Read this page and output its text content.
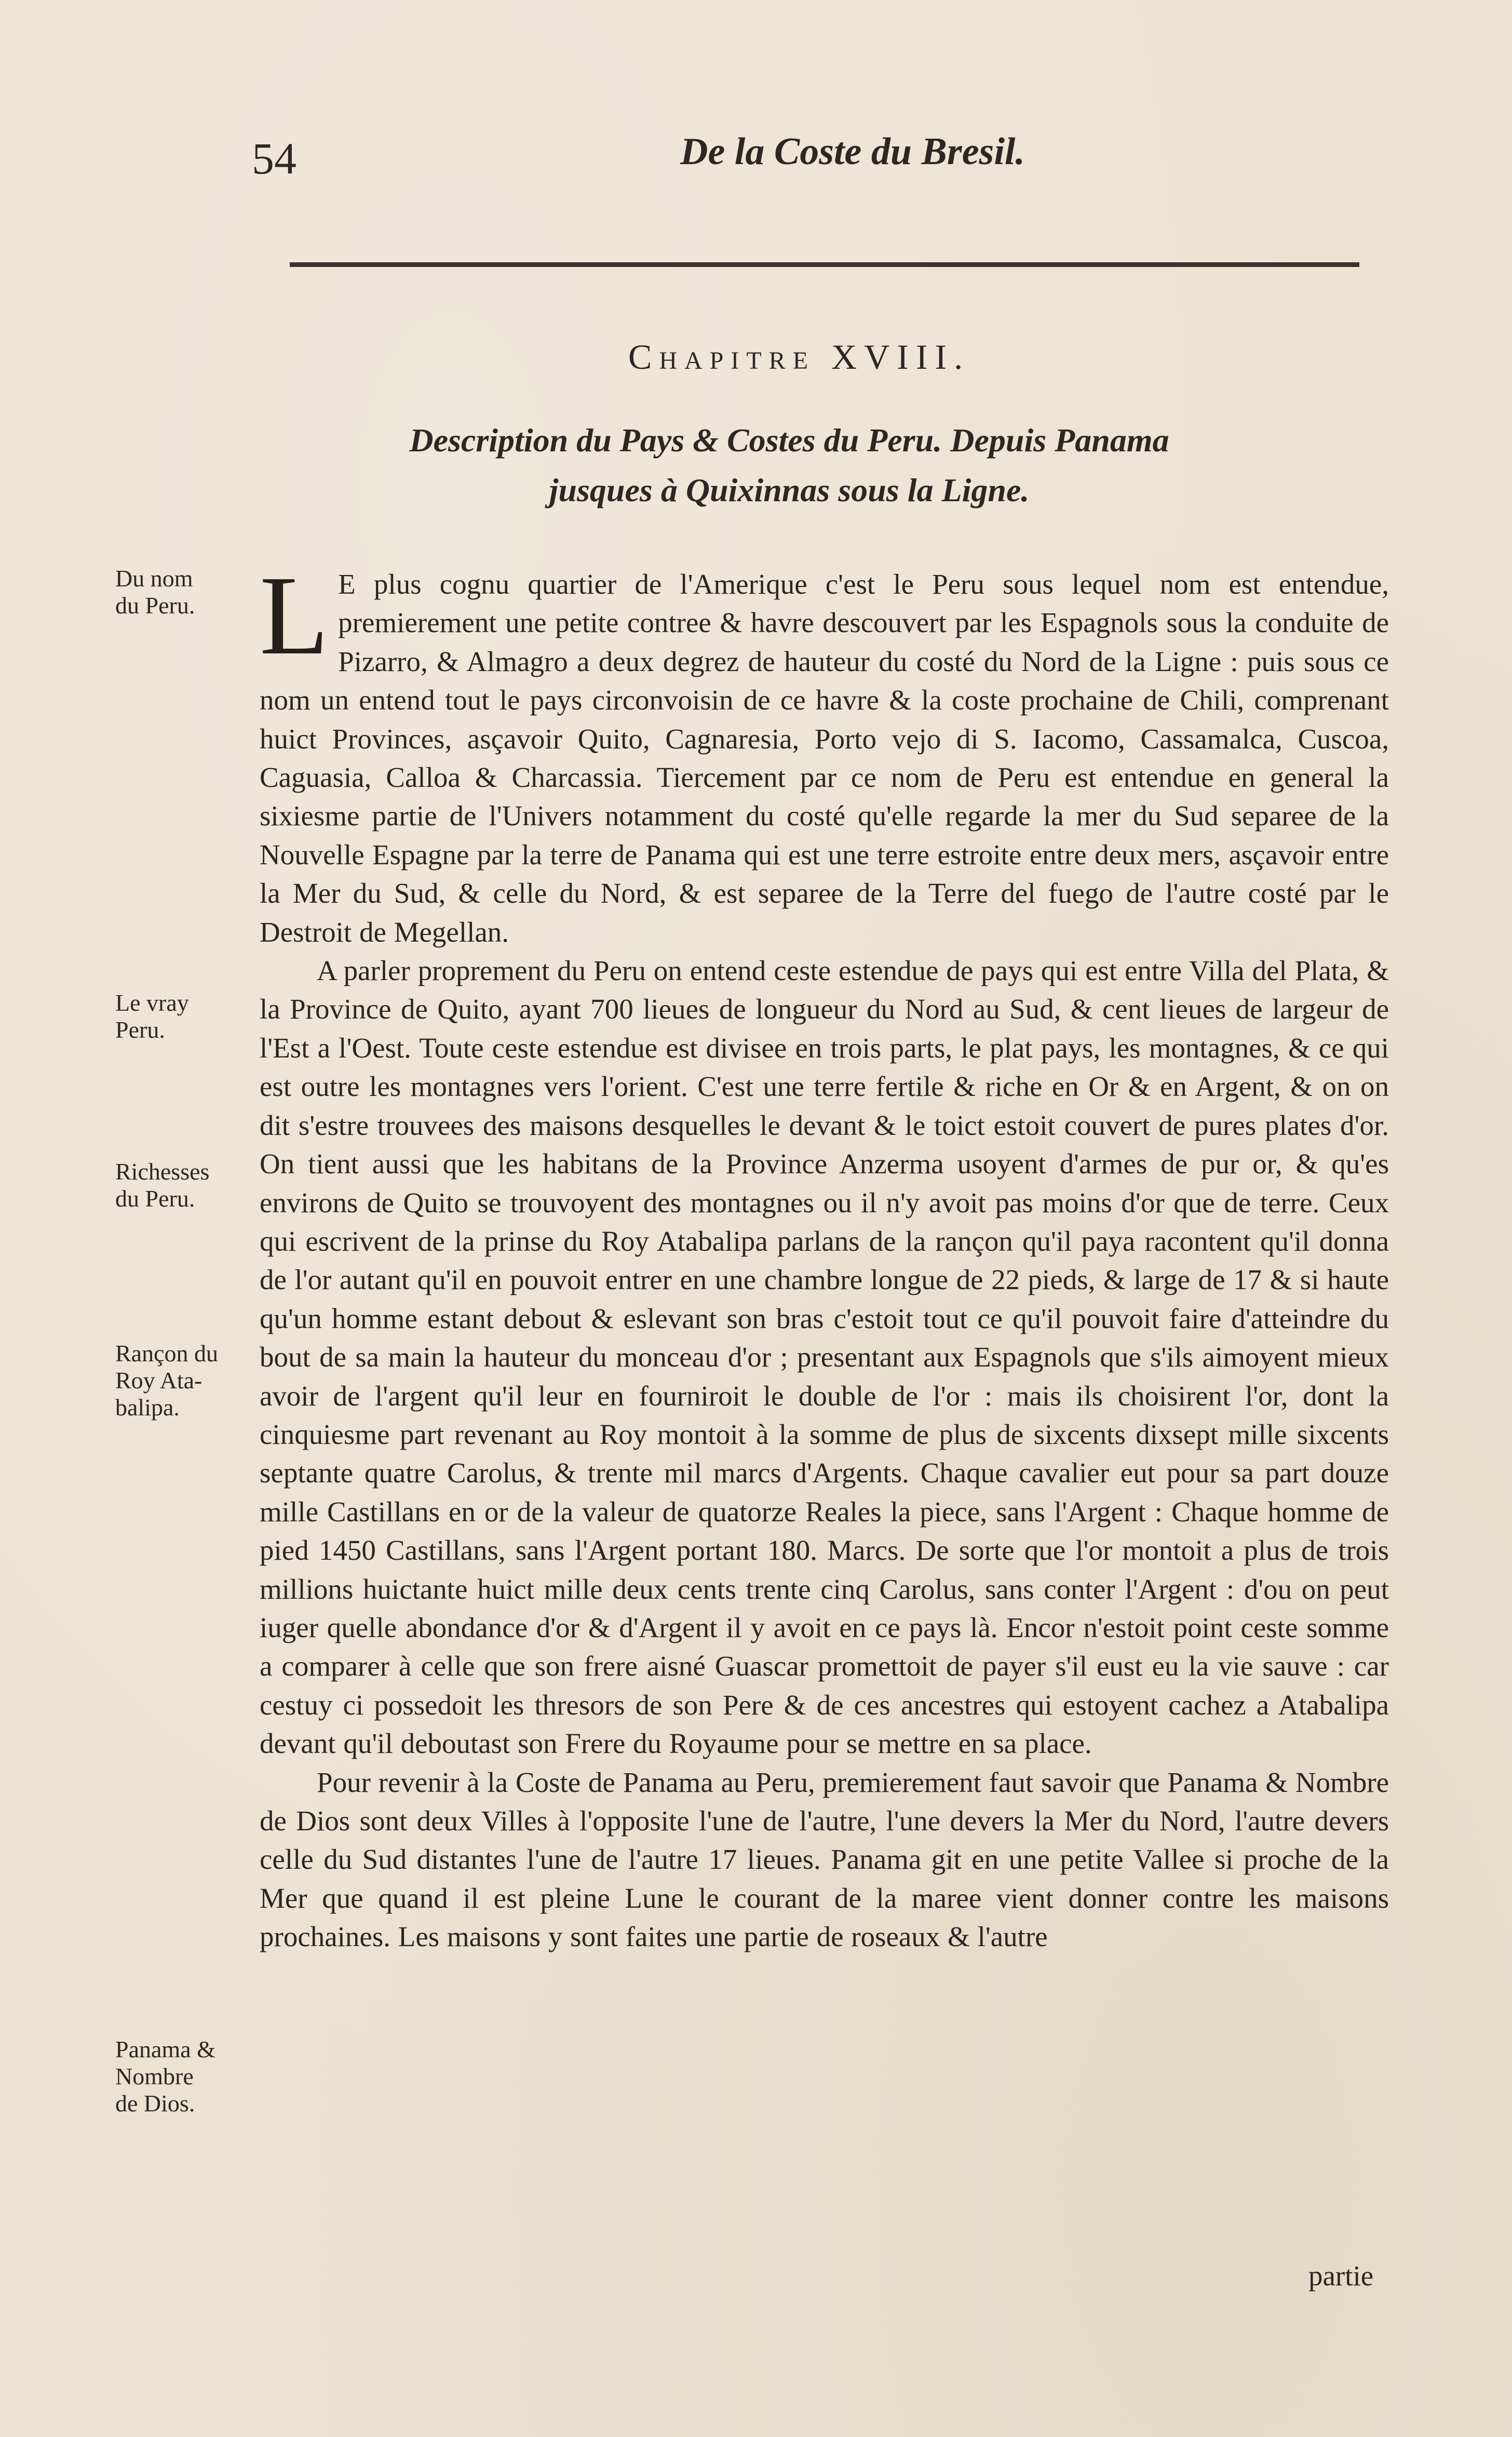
54	De la Coste du Bresil.
Chapitre XVIII.
Description du Pays & Costes du Peru. Depuis Panama
jusques à Quixinnas sous la Ligne.
Du nom
du Peru.
Le vray
Peru.
Richesses
du Peru.
Rançon du
Roy Ata-
balipa.
Panama &
Nombre
de Dios.

L E plus cognu quartier de l'Amerique c'est le Peru sous lequel nom est entendue, premierement une petite contree & havre descouvert par les Espagnols sous la conduite de Pizarro, & Almagro a deux degrez de hauteur du costé du Nord de la Ligne : puis sous ce nom un entend tout le pays circonvoisin de ce havre & la coste prochaine de Chili, comprenant huict Provinces, asçavoir Quito, Cagnaresia, Porto vejo di S. Iacomo, Cassamalca, Cuscoa, Caguasia, Calloa & Charcassia. Tiercement par ce nom de Peru est entendue en general la sixiesme partie de l'Univers notamment du costé qu'elle regarde la mer du Sud separee de la Nouvelle Espagne par la terre de Panama qui est une terre estroite entre deux mers, asçavoir entre la Mer du Sud, & celle du Nord, & est separee de la Terre del fuego de l'autre costé par le Destroit de Megellan.

A parler proprement du Peru on entend ceste estendue de pays qui est entre Villa del Plata, & la Province de Quito, ayant 700 lieues de longueur du Nord au Sud, & cent lieues de largeur de l'Est a l'Oest. Toute ceste estendue est divisee en trois parts, le plat pays, les montagnes, & ce qui est outre les montagnes vers l'orient. C'est une terre fertile & riche en Or & en Argent, & on on dit s'estre trouvees des maisons desquelles le devant & le toict estoit couvert de pures plates d'or. On tient aussi que les habitans de la Province Anzerma usoyent d'armes de pur or, & qu'es environs de Quito se trouvoyent des montagnes ou il n'y avoit pas moins d'or que de terre. Ceux qui escrivent de la prinse du Roy Atabalipa parlans de la rançon qu'il paya racontent qu'il donna de l'or autant qu'il en pouvoit entrer en une chambre longue de 22 pieds, & large de 17 & si haute qu'un homme estant debout & eslevant son bras c'estoit tout ce qu'il pouvoit faire d'atteindre du bout de sa main la hauteur du monceau d'or ; presentant aux Espagnols que s'ils aimoyent mieux avoir de l'argent qu'il leur en fourniroit le double de l'or : mais ils choisirent l'or, dont la cinquiesme part revenant au Roy montoit à la somme de plus de sixcents dixsept mille sixcents septante quatre Carolus, & trente mil marcs d'Argents. Chaque cavalier eut pour sa part douze mille Castillans en or de la valeur de quatorze Reales la piece, sans l'Argent : Chaque homme de pied 1450 Castillans, sans l'Argent portant 180. Marcs. De sorte que l'or montoit a plus de trois millions huictante huict mille deux cents trente cinq Carolus, sans conter l'Argent : d'ou on peut iuger quelle abondance d'or & d'Argent il y avoit en ce pays là. Encor n'estoit point ceste somme a comparer à celle que son frere aisné Guascar promettoit de payer s'il eust eu la vie sauve : car cestuy ci possedoit les thresors de son Pere & de ces ancestres qui estoyent cachez a Atabalipa devant qu'il deboutast son Frere du Royaume pour se mettre en sa place.

Pour revenir à la Coste de Panama au Peru, premierement faut savoir que Panama & Nombre de Dios sont deux Villes à l'opposite l'une de l'autre, l'une devers la Mer du Nord, l'autre devers celle du Sud distantes l'une de l'autre 17 lieues. Panama git en une petite Vallee si proche de la Mer que quand il est pleine Lune le courant de la maree vient donner contre les maisons prochaines. Les maisons y sont faites une partie de roseaux & l'autre

partie
